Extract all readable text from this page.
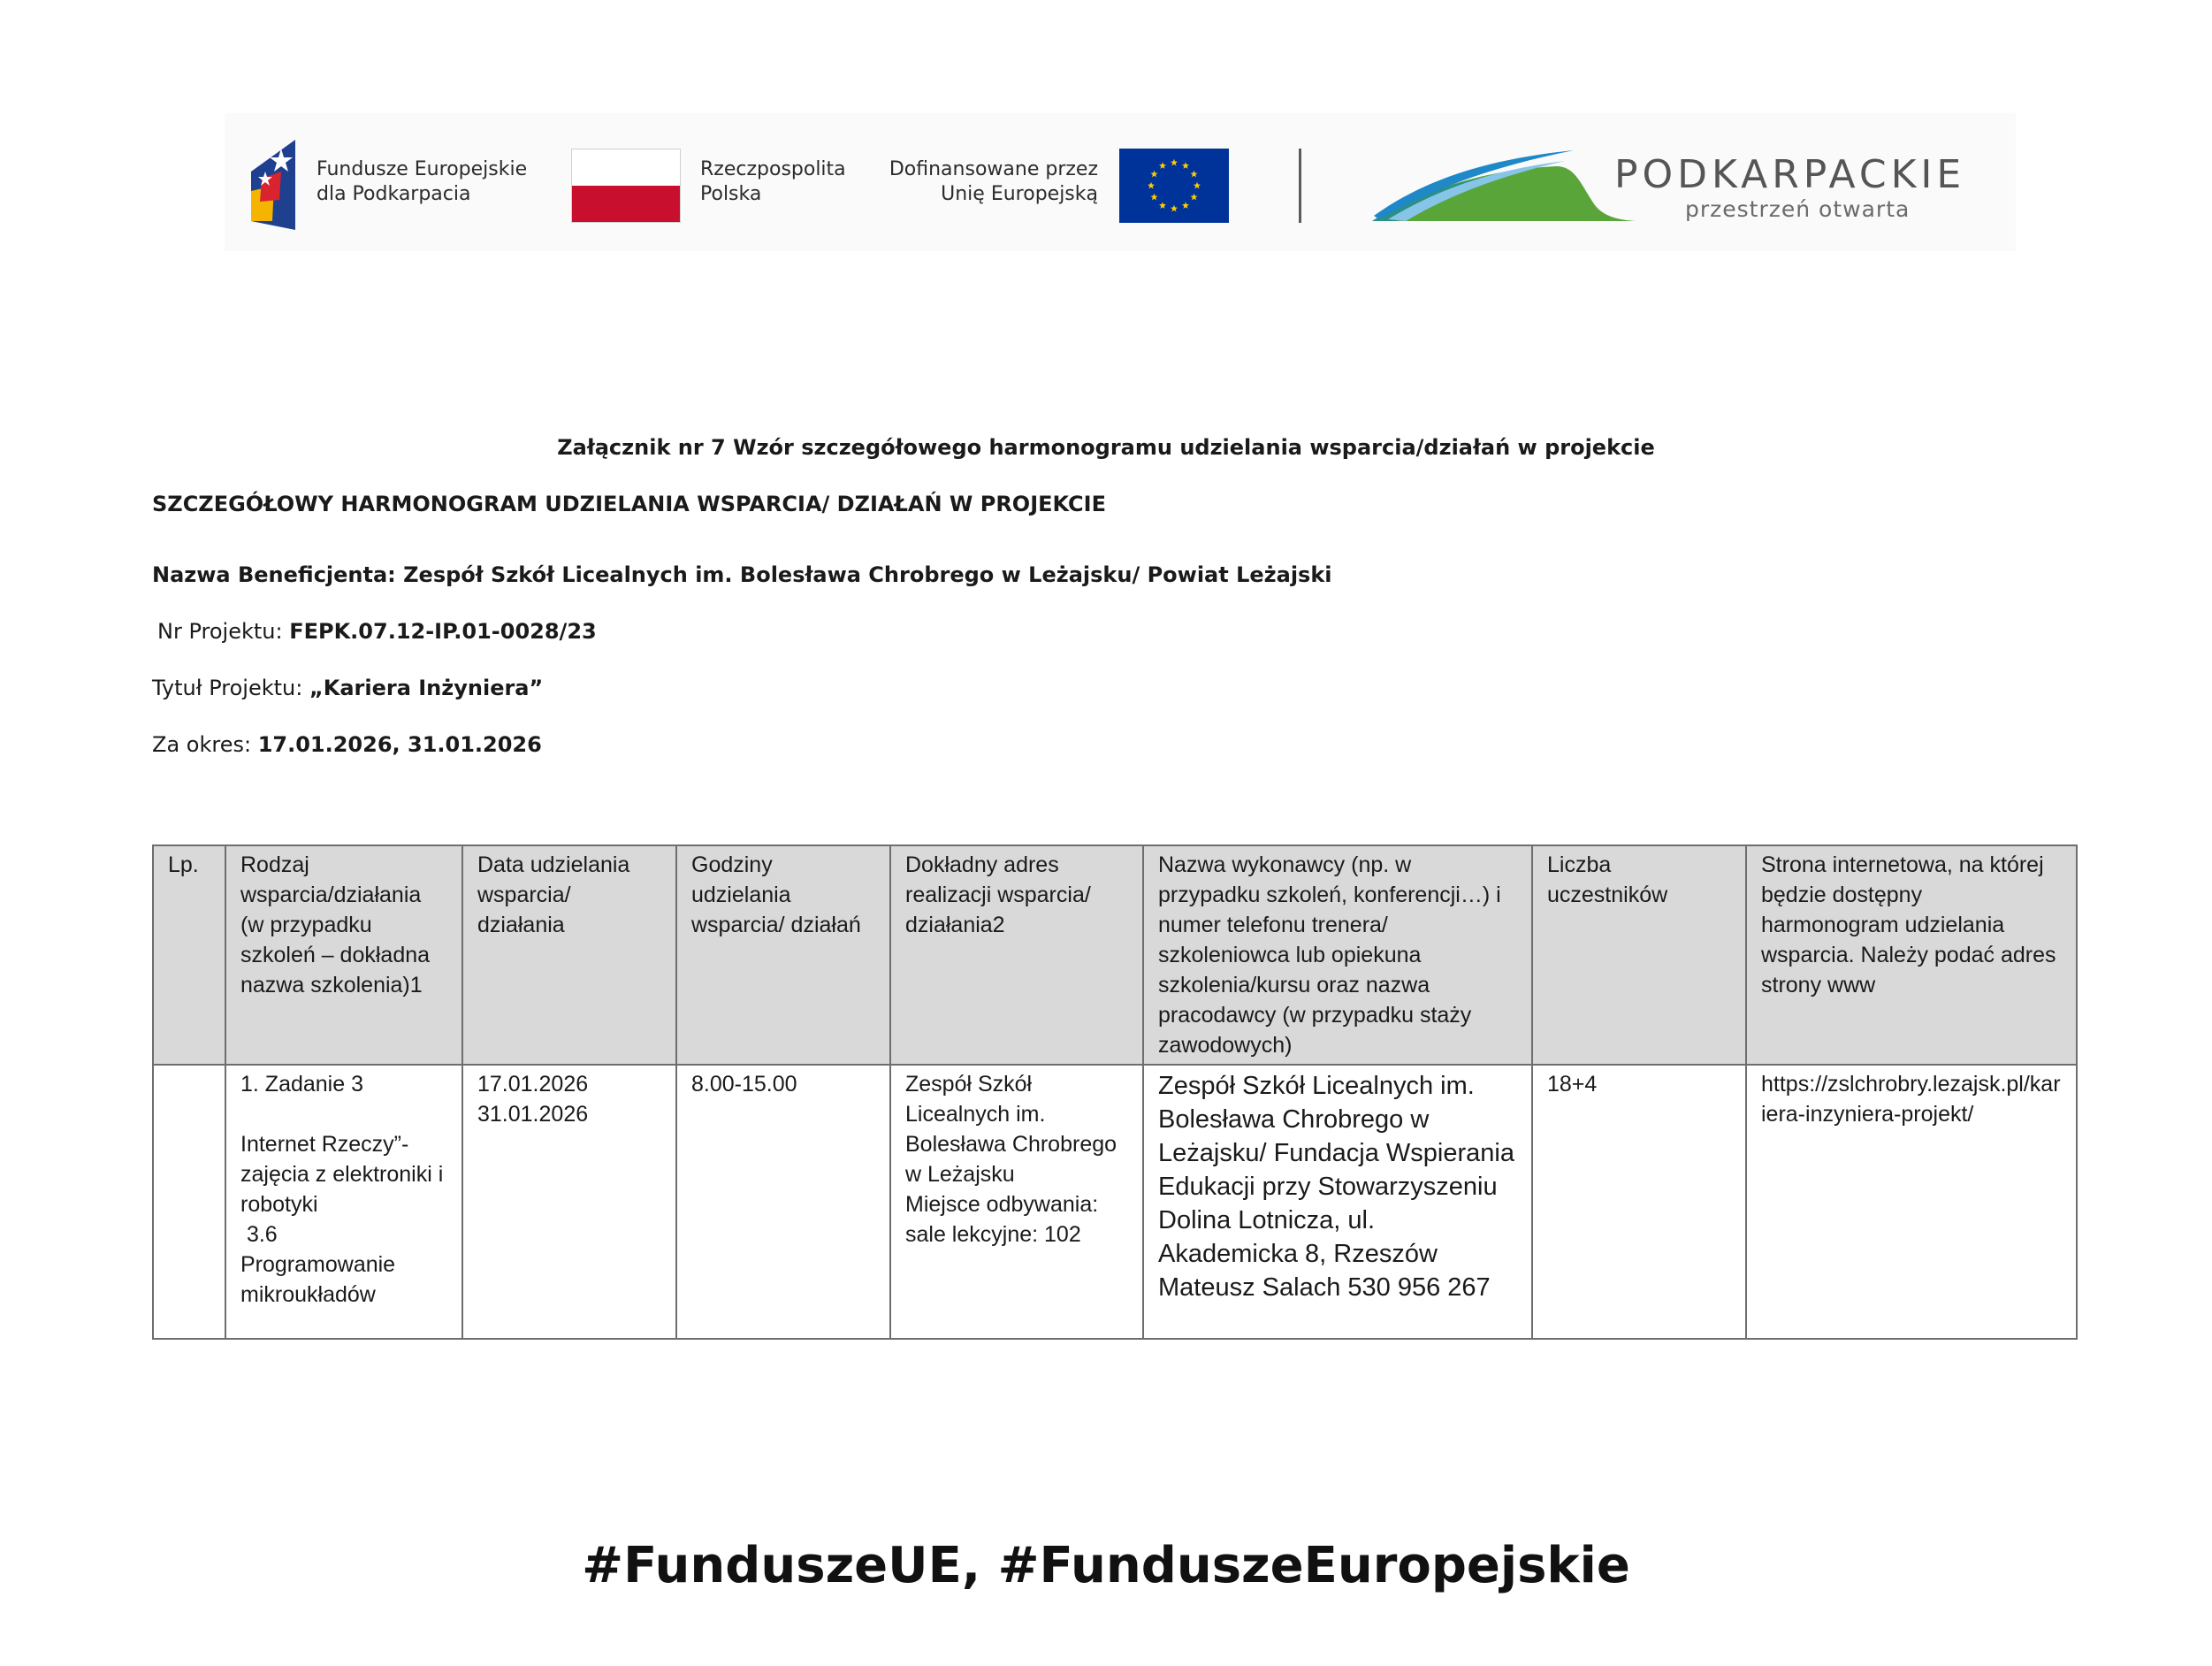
Fundusze Europejskie
dla Podkarpacia
Rzeczpospolita
Polska
Dofinansowane przez
Unię Europejską	PODKARPACKIE
przestrzeń otwarta
Załącznik nr 7 Wzór szczegółowego harmonogramu udzielania wsparcia/działań w projekcie
SZCZEGÓŁOWY HARMONOGRAM UDZIELANIA WSPARCIA/ DZIAŁAŃ W PROJEKCIE
Nazwa Beneficjenta: Zespół Szkół Licealnych im. Bolesława Chrobrego w Leżajsku/ Powiat Leżajski
Nr Projektu: FEPK.07.12-IP.01-0028/23
Tytuł Projektu: „Kariera Inżyniera”
Za okres: 17.01.2026, 31.01.2026
Lp.	Rodzaj wsparcia/działania (w przypadku szkoleń – dokładna nazwa szkolenia)1	Data udzielania wsparcia/ działania	Godziny udzielania wsparcia/ działań	Dokładny adres realizacji wsparcia/ działania2	Nazwa wykonawcy (np. w przypadku szkoleń, konferencji…) i numer telefonu trenera/ szkoleniowca lub opiekuna szkolenia/kursu oraz nazwa pracodawcy (w przypadku staży zawodowych)	Liczba uczestników	Strona internetowa, na której będzie dostępny harmonogram udzielania wsparcia. Należy podać adres strony www

	1. Zadanie 3
Internet Rzeczy”- zajęcia z elektroniki i robotyki
3.6
Programowanie mikroukładów	17.01.2026
31.01.2026	8.00-15.00	Zespół Szkół Licealnych im. Bolesława Chrobrego w Leżajsku
Miejsce odbywania: sale lekcyjne: 102	Zespół Szkół Licealnych im. Bolesława Chrobrego w Leżajsku/ Fundacja Wspierania Edukacji przy Stowarzyszeniu Dolina Lotnicza, ul. Akademicka 8, Rzeszów
Mateusz Salach 530 956 267	18+4	https://zslchrobry.lezajsk.pl/kariera-inzyniera-projekt/
#FunduszeUE, #FunduszeEuropejskie
